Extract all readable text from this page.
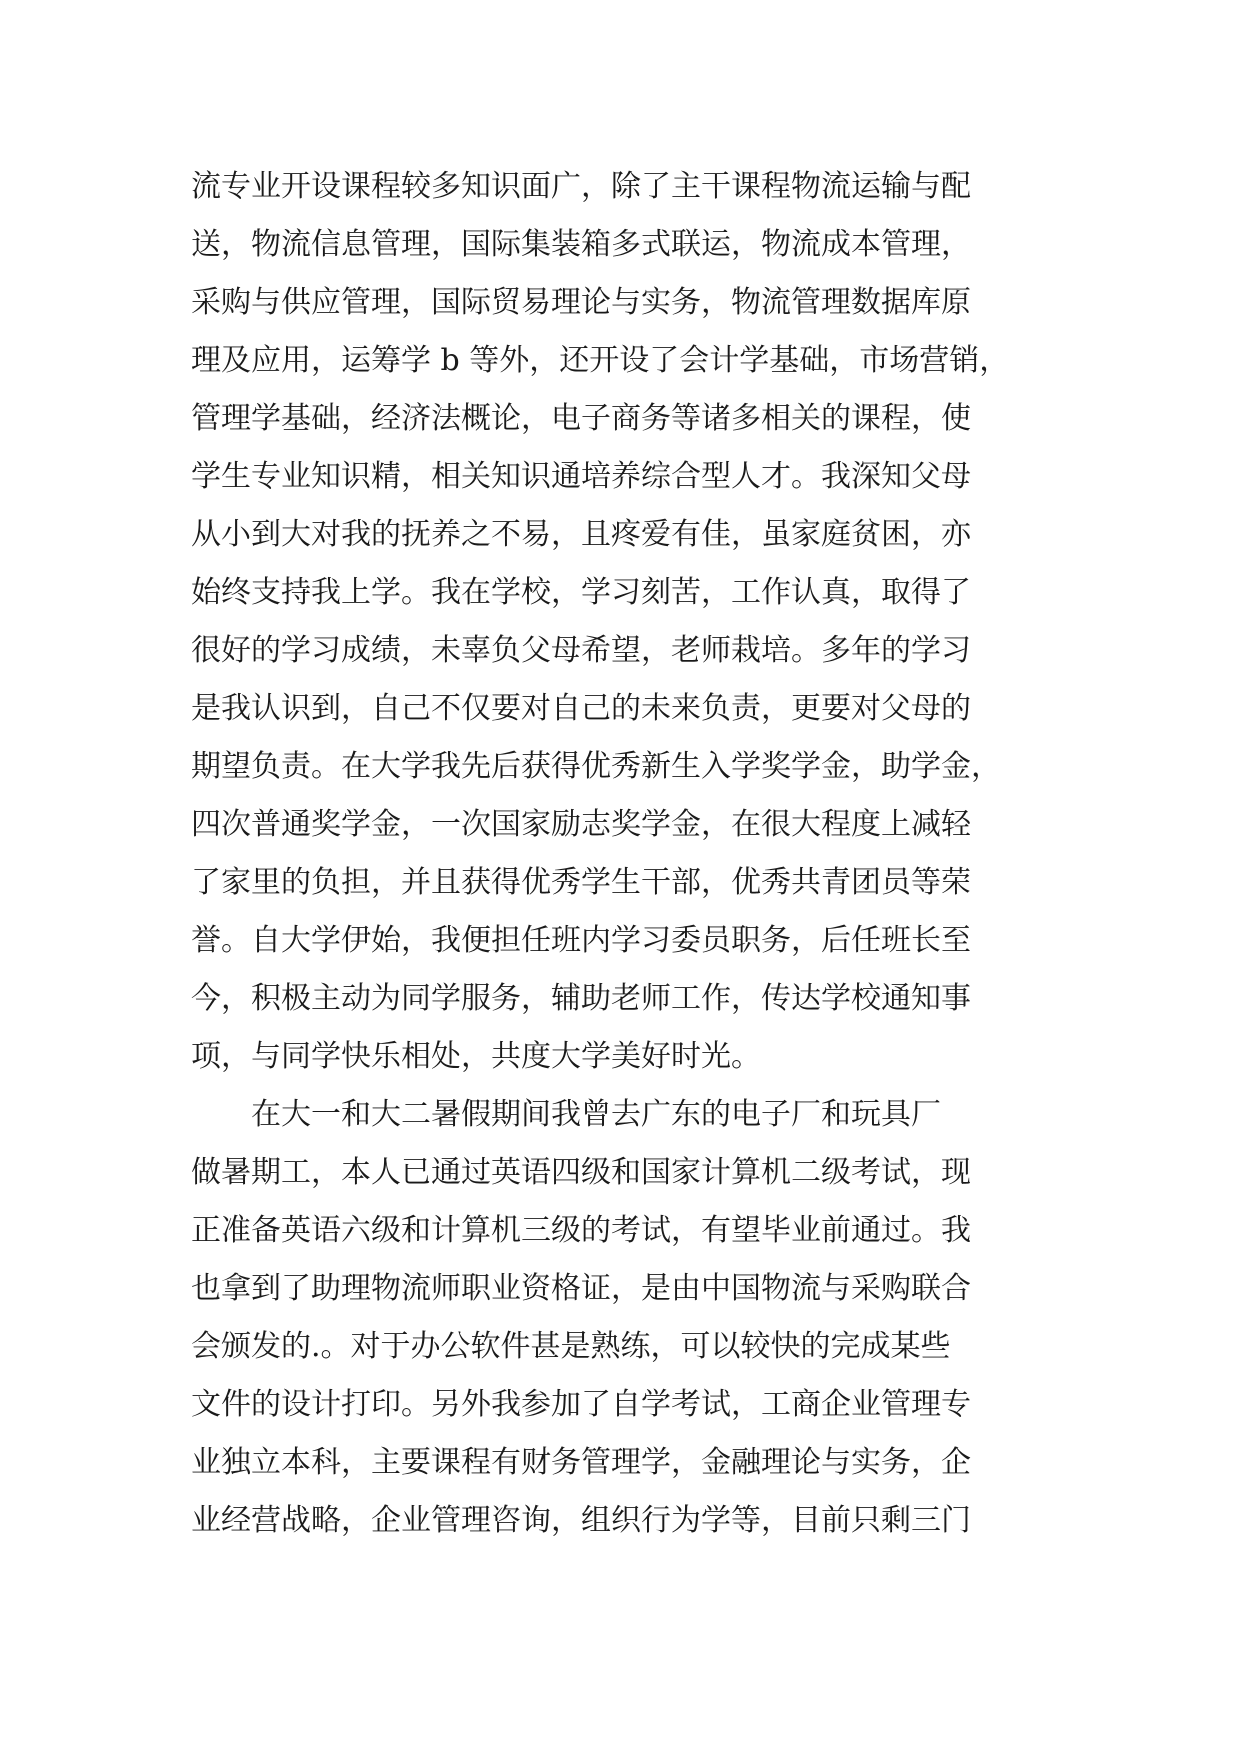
流专业开设课程较多知识面广，除了主干课程物流运输与配
送，物流信息管理，国际集装箱多式联运，物流成本管理，
采购与供应管理，国际贸易理论与实务，物流管理数据库原
理及应用，运筹学 b 等外，还开设了会计学基础，市场营销，
管理学基础，经济法概论，电子商务等诸多相关的课程，使
学生专业知识精，相关知识通培养综合型人才。我深知父母
从小到大对我的抚养之不易，且疼爱有佳，虽家庭贫困，亦
始终支持我上学。我在学校，学习刻苦，工作认真，取得了
很好的学习成绩，未辜负父母希望，老师栽培。多年的学习
是我认识到，自己不仅要对自己的未来负责，更要对父母的
期望负责。在大学我先后获得优秀新生入学奖学金，助学金，
四次普通奖学金，一次国家励志奖学金，在很大程度上减轻
了家里的负担，并且获得优秀学生干部，优秀共青团员等荣
誉。自大学伊始，我便担任班内学习委员职务，后任班长至
今，积极主动为同学服务，辅助老师工作，传达学校通知事
项，与同学快乐相处，共度大学美好时光。
在大一和大二暑假期间我曾去广东的电子厂和玩具厂
做暑期工，本人已通过英语四级和国家计算机二级考试，现
正准备英语六级和计算机三级的考试，有望毕业前通过。我
也拿到了助理物流师职业资格证，是由中国物流与采购联合
会颁发的.。对于办公软件甚是熟练，可以较快的完成某些
文件的设计打印。另外我参加了自学考试，工商企业管理专
业独立本科，主要课程有财务管理学，金融理论与实务，企
业经营战略，企业管理咨询，组织行为学等，目前只剩三门
